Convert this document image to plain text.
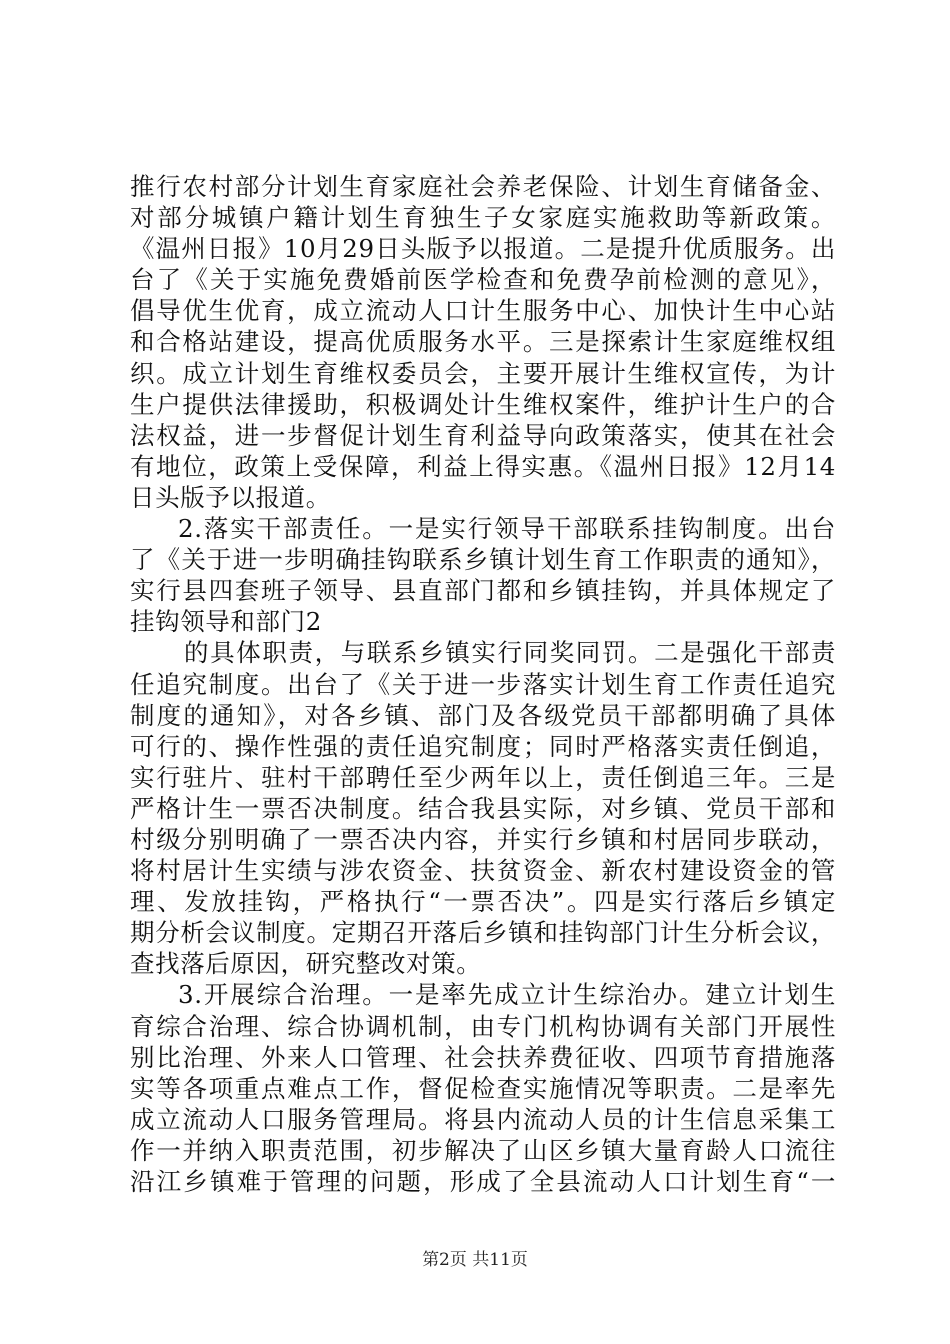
推行农村部分计划生育家庭社会养老保险、计划生育储备金、
对部分城镇户籍计划生育独生子女家庭实施救助等新政策。
《温州日报》10月29日头版予以报道。二是提升优质服务。出
台了《关于实施免费婚前医学检查和免费孕前检测的意见》，
倡导优生优育，成立流动人口计生服务中心、加快计生中心站
和合格站建设，提高优质服务水平。三是探索计生家庭维权组
织。成立计划生育维权委员会，主要开展计生维权宣传，为计
生户提供法律援助，积极调处计生维权案件，维护计生户的合
法权益，进一步督促计划生育利益导向政策落实，使其在社会
有地位，政策上受保障，利益上得实惠。《温州日报》12月14
日头版予以报道。
2.落实干部责任。一是实行领导干部联系挂钩制度。出台
了《关于进一步明确挂钩联系乡镇计划生育工作职责的通知》，
实行县四套班子领导、县直部门都和乡镇挂钩，并具体规定了
挂钩领导和部门2
的具体职责，与联系乡镇实行同奖同罚。二是强化干部责
任追究制度。出台了《关于进一步落实计划生育工作责任追究
制度的通知》，对各乡镇、部门及各级党员干部都明确了具体
可行的、操作性强的责任追究制度；同时严格落实责任倒追，
实行驻片、驻村干部聘任至少两年以上，责任倒追三年。三是
严格计生一票否决制度。结合我县实际，对乡镇、党员干部和
村级分别明确了一票否决内容，并实行乡镇和村居同步联动，
将村居计生实绩与涉农资金、扶贫资金、新农村建设资金的管
理、发放挂钩，严格执行“一票否决”。四是实行落后乡镇定
期分析会议制度。定期召开落后乡镇和挂钩部门计生分析会议，
查找落后原因，研究整改对策。
3.开展综合治理。一是率先成立计生综治办。建立计划生
育综合治理、综合协调机制，由专门机构协调有关部门开展性
别比治理、外来人口管理、社会扶养费征收、四项节育措施落
实等各项重点难点工作，督促检查实施情况等职责。二是率先
成立流动人口服务管理局。将县内流动人员的计生信息采集工
作一并纳入职责范围，初步解决了山区乡镇大量育龄人口流往
沿江乡镇难于管理的问题，形成了全县流动人口计划生育“一
第2页 共11页
